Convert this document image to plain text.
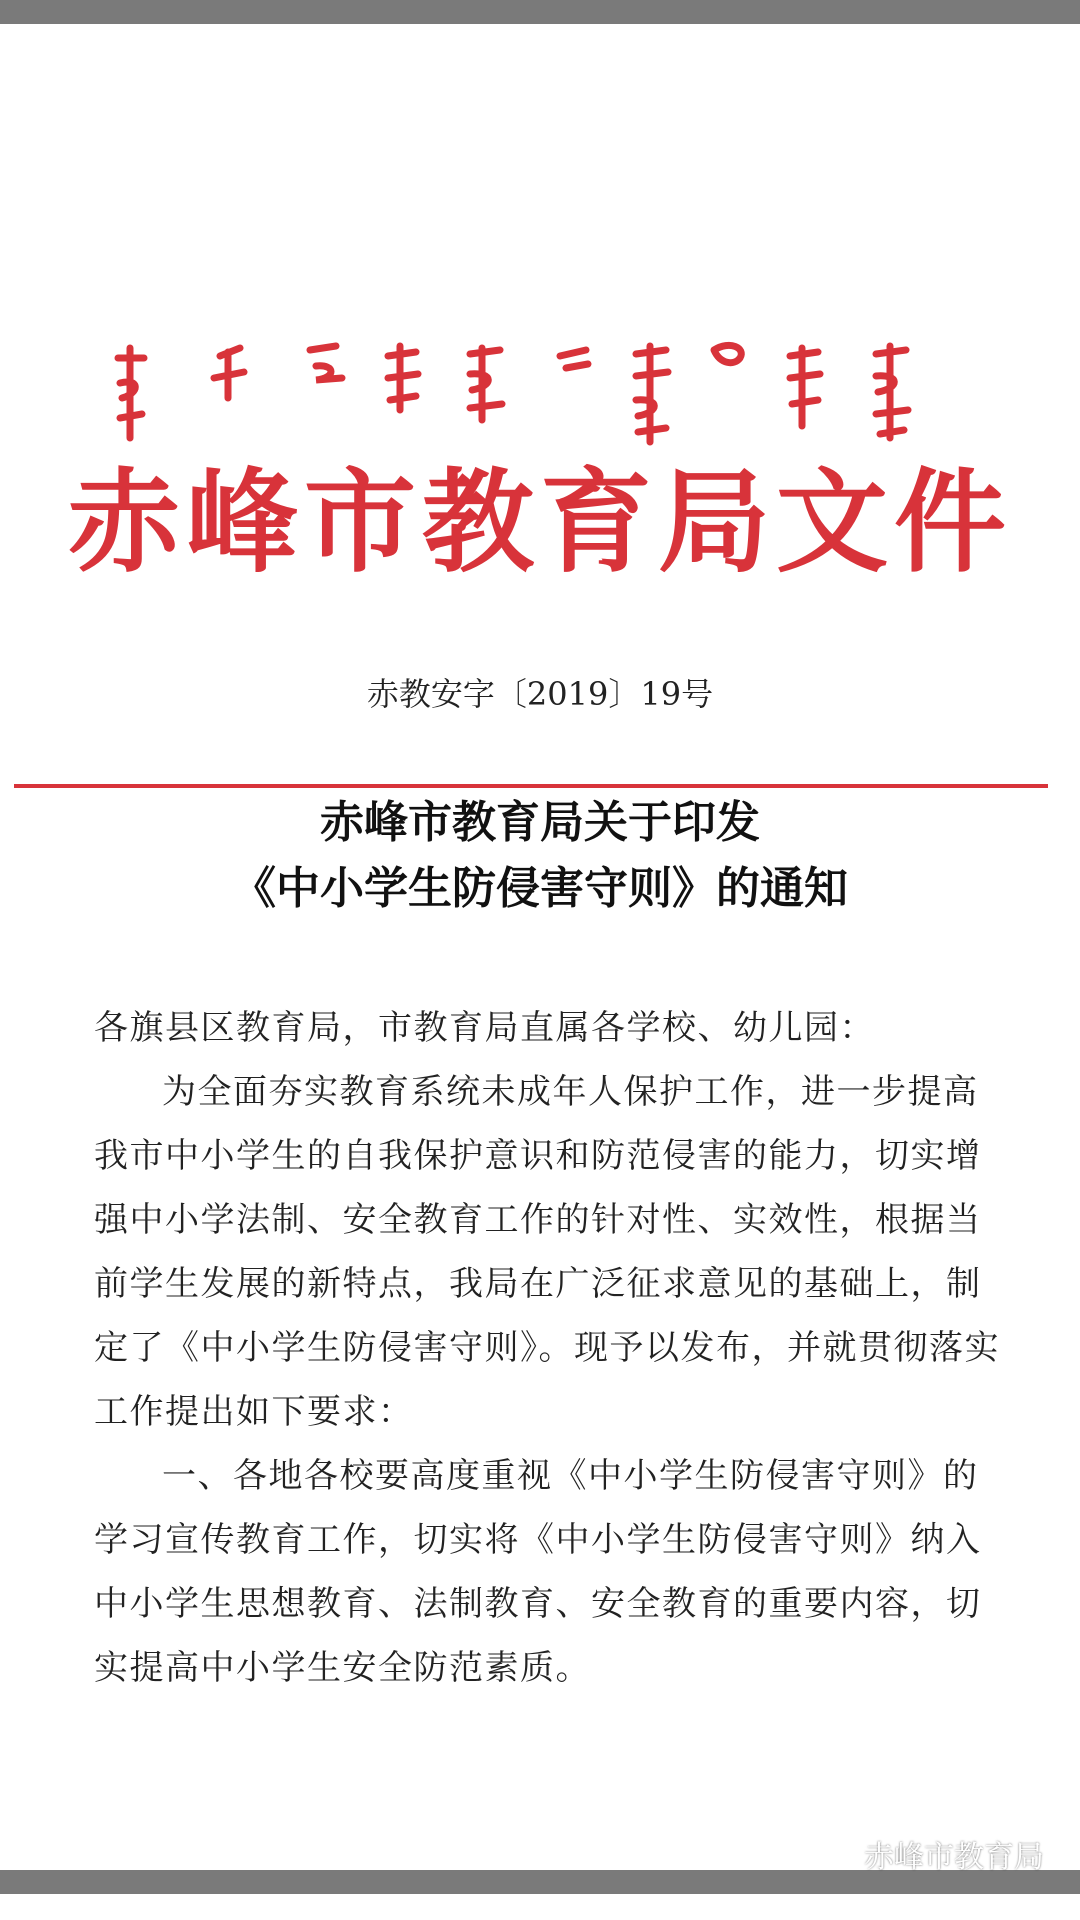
赤峰市教育局文件
赤教安字〔2019〕19号
赤峰市教育局关于印发
《中小学生防侵害守则》的通知

各旗县区教育局，市教育局直属各学校、幼儿园：

为全面夯实教育系统未成年人保护工作，进一步提高我市中小学生的自我保护意识和防范侵害的能力，切实增强中小学法制、安全教育工作的针对性、实效性，根据当前学生发展的新特点，我局在广泛征求意见的基础上，制定了《中小学生防侵害守则》。现予以发布，并就贯彻落实工作提出如下要求：

一、各地各校要高度重视《中小学生防侵害守则》的学习宣传教育工作，切实将《中小学生防侵害守则》纳入中小学生思想教育、法制教育、安全教育的重要内容，切实提高中小学生安全防范素质。

赤峰市教育局
